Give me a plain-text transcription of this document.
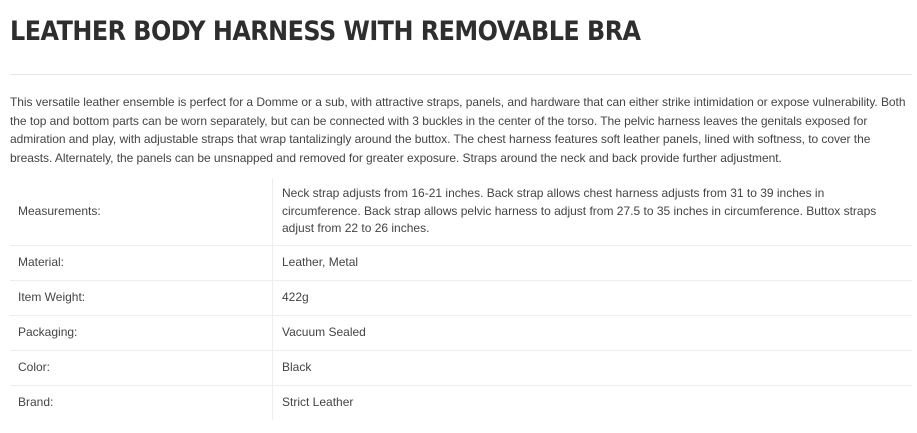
LEATHER BODY HARNESS WITH REMOVABLE BRA

This versatile leather ensemble is perfect for a Domme or a sub, with attractive straps, panels, and hardware that can either strike intimidation or expose vulnerability. Both the top and bottom parts can be worn separately, but can be connected with 3 buckles in the center of the torso. The pelvic harness leaves the genitals exposed for admiration and play, with adjustable straps that wrap tantalizingly around the buttox. The chest harness features soft leather panels, lined with softness, to cover the breasts. Alternately, the panels can be unsnapped and removed for greater exposure. Straps around the neck and back provide further adjustment.

Measurements:	Neck strap adjusts from 16-21 inches. Back strap allows chest harness adjusts from 31 to 39 inches in circumference. Back strap allows pelvic harness to adjust from 27.5 to 35 inches in circumference. Buttox straps adjust from 22 to 26 inches.
Material:	Leather, Metal
Item Weight:	422g
Packaging:	Vacuum Sealed
Color:	Black
Brand:	Strict Leather
